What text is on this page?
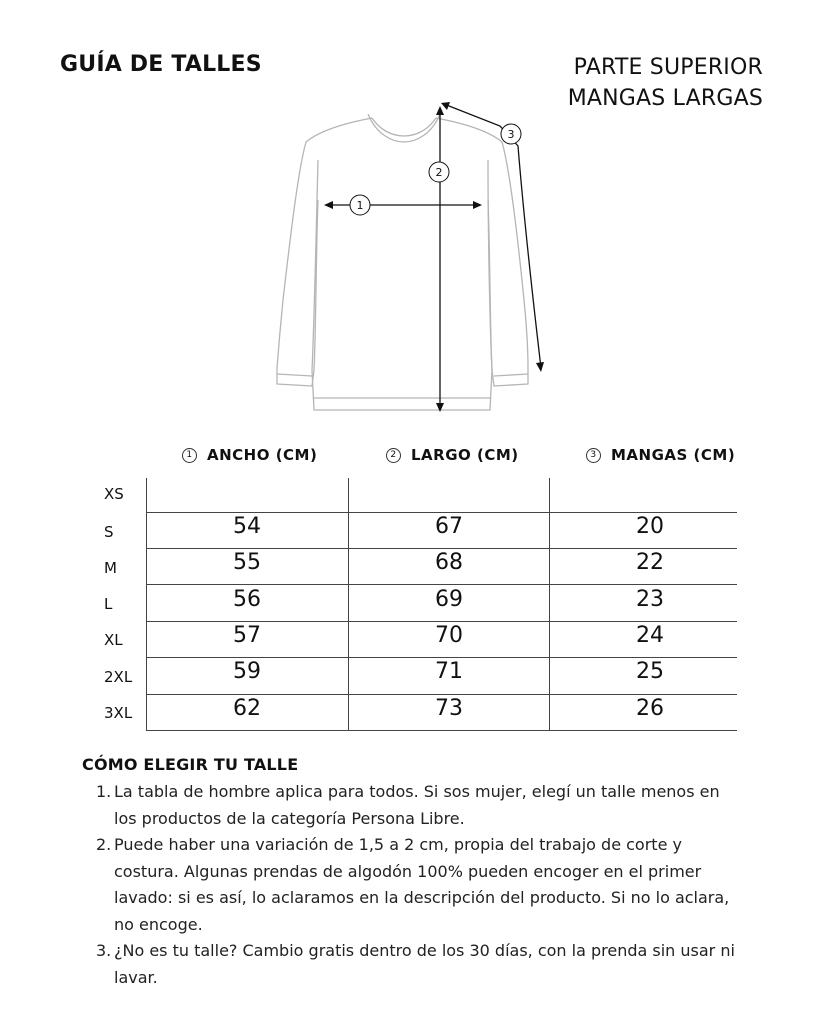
GUÍA DE TALLES	PARTE SUPERIOR
MANGAS LARGAS
1
2
3
1 ANCHO (CM)	2 LARGO (CM)	3 MANGAS (CM)
XS
S	54	67	20
M	55	68	22
L	56	69	23
XL	57	70	24
2XL	59	71	25
3XL	62	73	26
CÓMO ELEGIR TU TALLE
1. La tabla de hombre aplica para todos. Si sos mujer, elegí un talle menos en los productos de la categoría Persona Libre.
2. Puede haber una variación de 1,5 a 2 cm, propia del trabajo de corte y costura. Algunas prendas de algodón 100% pueden encoger en el primer lavado: si es así, lo aclaramos en la descripción del producto. Si no lo aclara, no encoge.
3. ¿No es tu talle? Cambio gratis dentro de los 30 días, con la prenda sin usar ni lavar.
